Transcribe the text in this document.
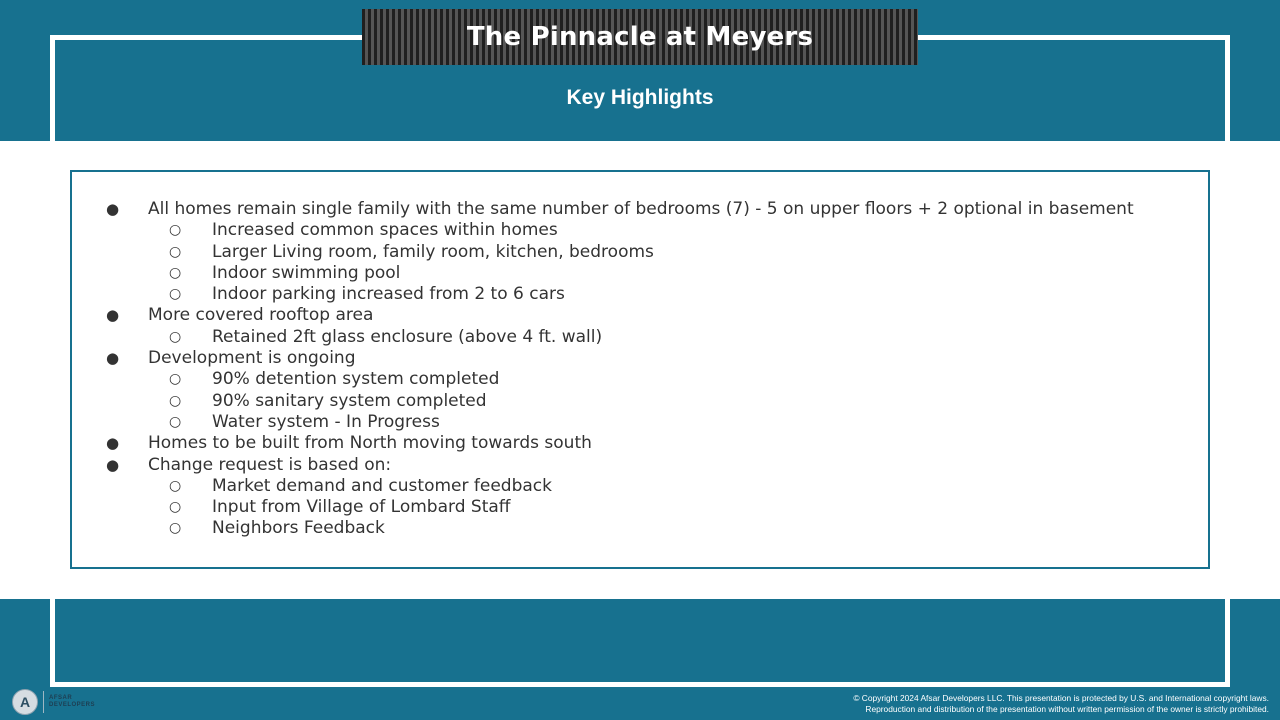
The Pinnacle at Meyers
Key Highlights
● All homes remain single family with the same number of bedrooms (7) - 5 on upper floors + 2 optional in basement
○ Increased common spaces within homes
○ Larger Living room, family room, kitchen, bedrooms
○ Indoor swimming pool
○ Indoor parking increased from 2 to 6 cars
● More covered rooftop area
○ Retained 2ft glass enclosure (above 4 ft. wall)
● Development is ongoing
○ 90% detention system completed
○ 90% sanitary system completed
○ Water system - In Progress
● Homes to be built from North moving towards south
● Change request is based on:
○ Market demand and customer feedback
○ Input from Village of Lombard Staff
○ Neighbors Feedback
A	AFSAR
DEVELOPERS
© Copyright 2024 Afsar Developers LLC. This presentation is protected by U.S. and International copyright laws.
Reproduction and distribution of the presentation without written permission of the owner is strictly prohibited.
